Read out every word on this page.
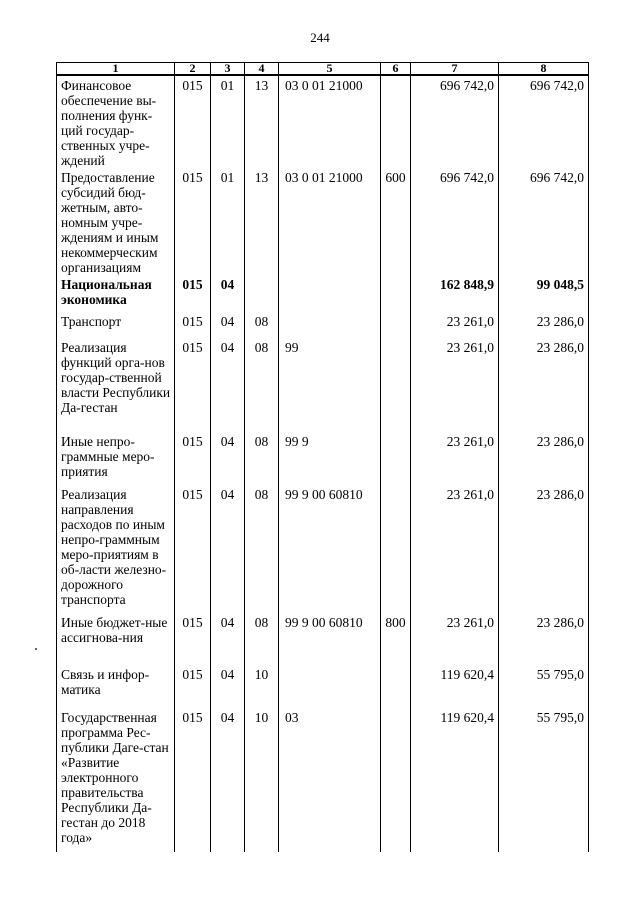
244
1	2	3	4	5	6	7	8
Финансовое обеспечение вы-полнения функ-ций государ-ственных учре-ждений	015	01	13	03 0 01 21000		696 742,0	696 742,0
Предоставление субсидий бюд-жетным, авто-номным учре-ждениям и иным некоммерческим организациям	015	01	13	03 0 01 21000	600	696 742,0	696 742,0
Национальная экономика	015	04				162 848,9	99 048,5
Транспорт	015	04	08			23 261,0	23 286,0
Реализация функций орга-нов государ-ственной власти Республики Да-гестан	015	04	08	99		23 261,0	23 286,0
Иные непро-граммные меро-приятия	015	04	08	99 9		23 261,0	23 286,0
Реализация направления расходов по иным непро-граммным меро-приятиям в об-ласти железно-дорожного транспорта	015	04	08	99 9 00 60810		23 261,0	23 286,0
Иные бюджет-ные ассигнова-ния	015	04	08	99 9 00 60810	800	23 261,0	23 286,0
Связь и инфор-матика	015	04	10			119 620,4	55 795,0
Государственная программа Рес-публики Даге-стан «Развитие электронного правительства Республики Да-гестан до 2018 года»	015	04	10	03		119 620,4	55 795,0
